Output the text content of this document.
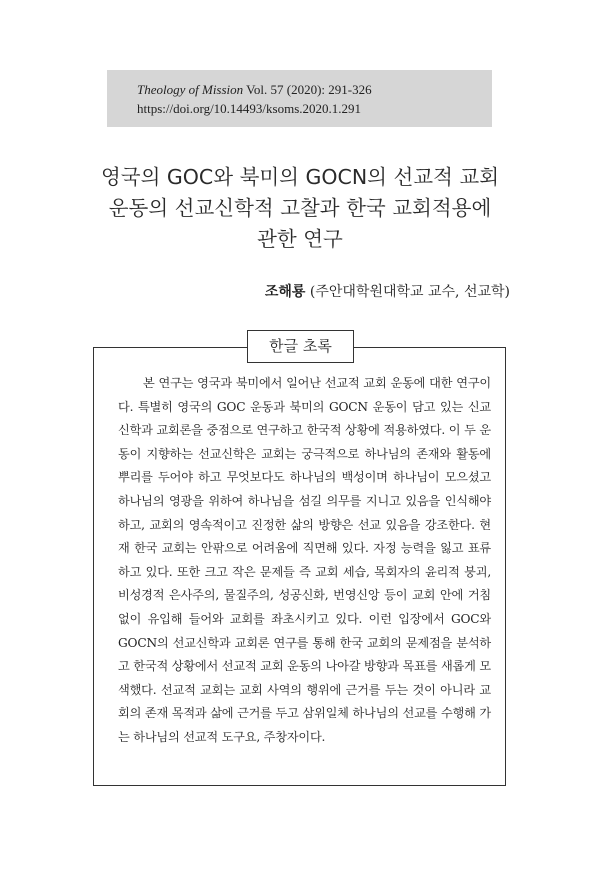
Theology of Mission Vol. 57 (2020): 291-326
https://doi.org/10.14493/ksoms.2020.1.291
영국의 GOC와 북미의 GOCN의 선교적 교회
운동의 선교신학적 고찰과 한국 교회적용에
관한 연구
조해룡 (주안대학원대학교 교수, 선교학)
한글 초록

본 연구는 영국과 북미에서 일어난 선교적 교회 운동에 대한 연구이다. 특별히 영국의 GOC 운동과 북미의 GOCN 운동이 담고 있는 신교신학과 교회론을 중점으로 연구하고 한국적 상황에 적용하였다. 이 두 운동이 지향하는 선교신학은 교회는 궁극적으로 하나님의 존재와 활동에 뿌리를 두어야 하고 무엇보다도 하나님의 백성이며 하나님이 모으셨고 하나님의 영광을 위하여 하나님을 섬길 의무를 지니고 있음을 인식해야 하고, 교회의 영속적이고 진정한 삶의 방향은 선교 있음을 강조한다. 현재 한국 교회는 안팎으로 어려움에 직면해 있다. 자정 능력을 잃고 표류하고 있다. 또한 크고 작은 문제들 즉 교회 세습, 목회자의 윤리적 붕괴, 비성경적 은사주의, 물질주의, 성공신화, 번영신앙 등이 교회 안에 거침없이 유입해 들어와 교회를 좌초시키고 있다. 이런 입장에서 GOC와 GOCN의 선교신학과 교회론 연구를 통해 한국 교회의 문제점을 분석하고 한국적 상황에서 선교적 교회 운동의 나아갈 방향과 목표를 새롭게 모색했다. 선교적 교회는 교회 사역의 행위에 근거를 두는 것이 아니라 교회의 존재 목적과 삶에 근거를 두고 삼위일체 하나님의 선교를 수행해 가는 하나님의 선교적 도구요, 주창자이다.
